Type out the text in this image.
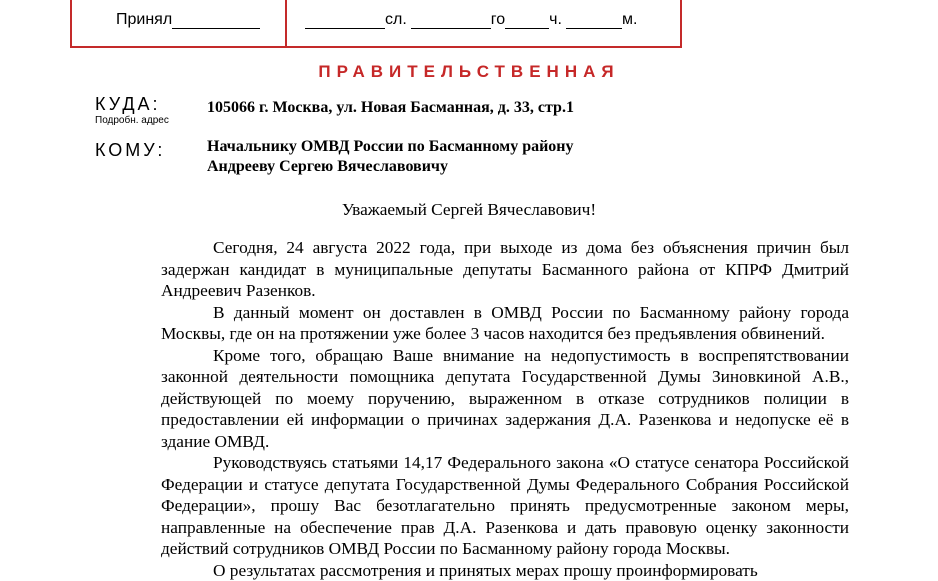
Принял	сл.	го	ч.	м.
ПРАВИТЕЛЬСТВЕННАЯ
КУДА:
Подробн. адрес
105066 г. Москва, ул. Новая Басманная, д. 33, стр.1
КОМУ:	Начальнику ОМВД России по Басманному району
Андрееву Сергею Вячеславовичу
Уважаемый Сергей Вячеславович!

Сегодня, 24 августа 2022 года, при выходе из дома без объяснения причин был задержан кандидат в муниципальные депутаты Басманного района от КПРФ Дмитрий Андреевич Разенков.

В данный момент он доставлен в ОМВД России по Басманному району города Москвы, где он на протяжении уже более 3 часов находится без предъявления обвинений.

Кроме того, обращаю Ваше внимание на недопустимость в воспрепятствовании законной деятельности помощника депутата Государственной Думы Зиновкиной А.В., действующей по моему поручению, выраженном в отказе сотрудников полиции в предоставлении ей информации о причинах задержания Д.А. Разенкова и недопуске её в здание ОМВД.

Руководствуясь статьями 14,17 Федерального закона «О статусе сенатора Российской Федерации и статусе депутата Государственной Думы Федерального Собрания Российской Федерации», прошу Вас безотлагательно принять предусмотренные законом меры, направленные на обеспечение прав Д.А. Разенкова и дать правовую оценку законности действий сотрудников ОМВД России по Басманному району города Москвы.

О результатах рассмотрения и принятых мерах прошу проинформировать
